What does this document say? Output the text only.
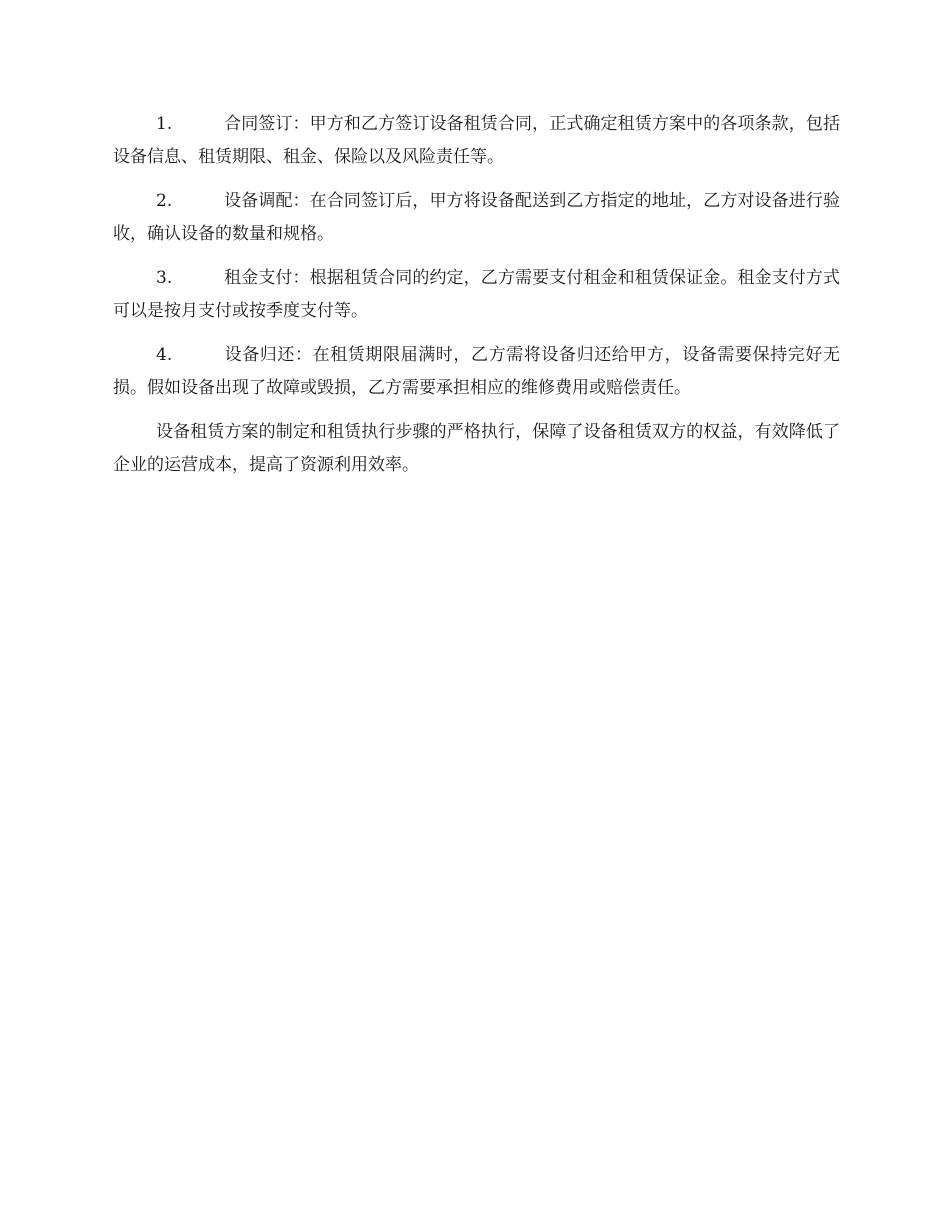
1.	合同签订：甲方和乙方签订设备租赁合同，正式确定租赁方案中的各项条款，包括设备信息、租赁期限、租金、保险以及风险责任等。

2.	设备调配：在合同签订后，甲方将设备配送到乙方指定的地址，乙方对设备进行验收，确认设备的数量和规格。

3.	租金支付：根据租赁合同的约定，乙方需要支付租金和租赁保证金。租金支付方式可以是按月支付或按季度支付等。

4.	设备归还：在租赁期限届满时，乙方需将设备归还给甲方，设备需要保持完好无损。假如设备出现了故障或毁损，乙方需要承担相应的维修费用或赔偿责任。

设备租赁方案的制定和租赁执行步骤的严格执行，保障了设备租赁双方的权益，有效降低了企业的运营成本，提高了资源利用效率。
